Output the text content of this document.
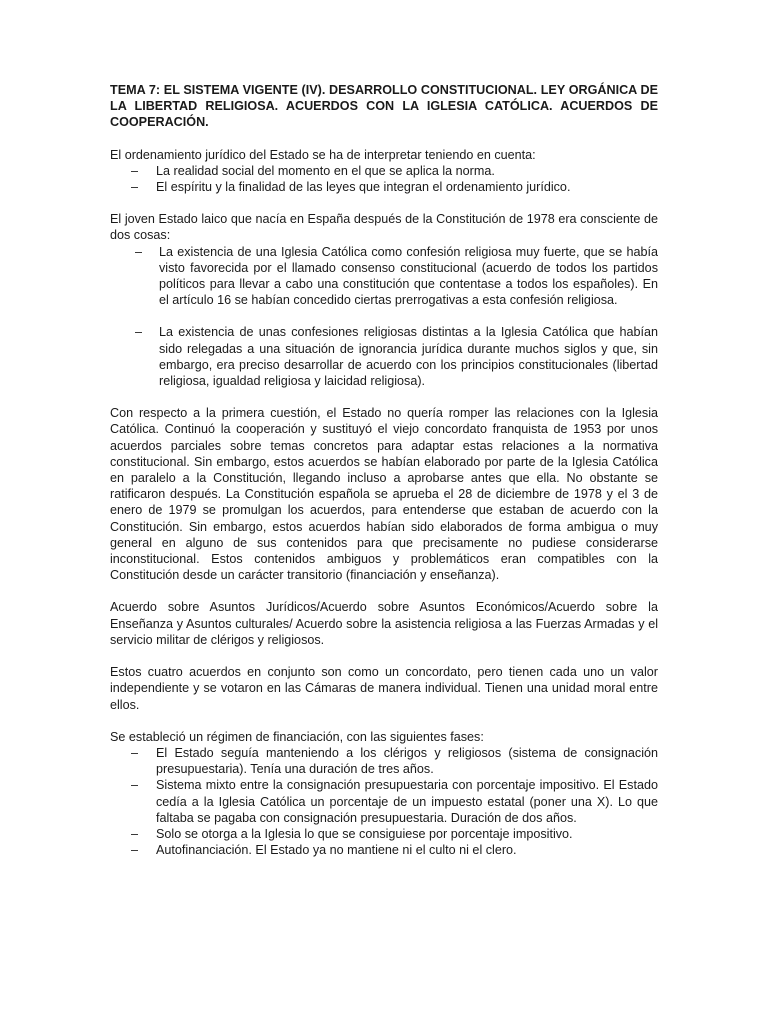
TEMA 7: EL SISTEMA VIGENTE (IV). DESARROLLO CONSTITUCIONAL. LEY ORGÁNICA DE LA LIBERTAD RELIGIOSA. ACUERDOS CON LA IGLESIA CATÓLICA. ACUERDOS DE COOPERACIÓN.

El ordenamiento jurídico del Estado se ha de interpretar teniendo en cuenta:

– La realidad social del momento en el que se aplica la norma.
– El espíritu y la finalidad de las leyes que integran el ordenamiento jurídico.

El joven Estado laico que nacía en España después de la Constitución de 1978 era consciente de dos cosas:

– La existencia de una Iglesia Católica como confesión religiosa muy fuerte, que se había visto favorecida por el llamado consenso constitucional (acuerdo de todos los partidos políticos para llevar a cabo una constitución que contentase a todos los españoles). En el artículo 16 se habían concedido ciertas prerrogativas a esta confesión religiosa.
– La existencia de unas confesiones religiosas distintas a la Iglesia Católica que habían sido relegadas a una situación de ignorancia jurídica durante muchos siglos y que, sin embargo, era preciso desarrollar de acuerdo con los principios constitucionales (libertad religiosa, igualdad religiosa y laicidad religiosa).

Con respecto a la primera cuestión, el Estado no quería romper las relaciones con la Iglesia Católica. Continuó la cooperación y sustituyó el viejo concordato franquista de 1953 por unos acuerdos parciales sobre temas concretos para adaptar estas relaciones a la normativa constitucional. Sin embargo, estos acuerdos se habían elaborado por parte de la Iglesia Católica en paralelo a la Constitución, llegando incluso a aprobarse antes que ella. No obstante se ratificaron después. La Constitución española se aprueba el 28 de diciembre de 1978 y el 3 de enero de 1979 se promulgan los acuerdos, para entenderse que estaban de acuerdo con la Constitución. Sin embargo, estos acuerdos habían sido elaborados de forma ambigua o muy general en alguno de sus contenidos para que precisamente no pudiese considerarse inconstitucional. Estos contenidos ambiguos y problemáticos eran compatibles con la Constitución desde un carácter transitorio (financiación y enseñanza).

Acuerdo sobre Asuntos Jurídicos/Acuerdo sobre Asuntos Económicos/Acuerdo sobre la Enseñanza y Asuntos culturales/ Acuerdo sobre la asistencia religiosa a las Fuerzas Armadas y el servicio militar de clérigos y religiosos.

Estos cuatro acuerdos en conjunto son como un concordato, pero tienen cada uno un valor independiente y se votaron en las Cámaras de manera individual. Tienen una unidad moral entre ellos.

Se estableció un régimen de financiación, con las siguientes fases:

– El Estado seguía manteniendo a los clérigos y religiosos (sistema de consignación presupuestaria). Tenía una duración de tres años.
– Sistema mixto entre la consignación presupuestaria con porcentaje impositivo. El Estado cedía a la Iglesia Católica un porcentaje de un impuesto estatal (poner una X). Lo que faltaba se pagaba con consignación presupuestaria. Duración de dos años.
– Solo se otorga a la Iglesia lo que se consiguiese por porcentaje impositivo.
– Autofinanciación. El Estado ya no mantiene ni el culto ni el clero.
